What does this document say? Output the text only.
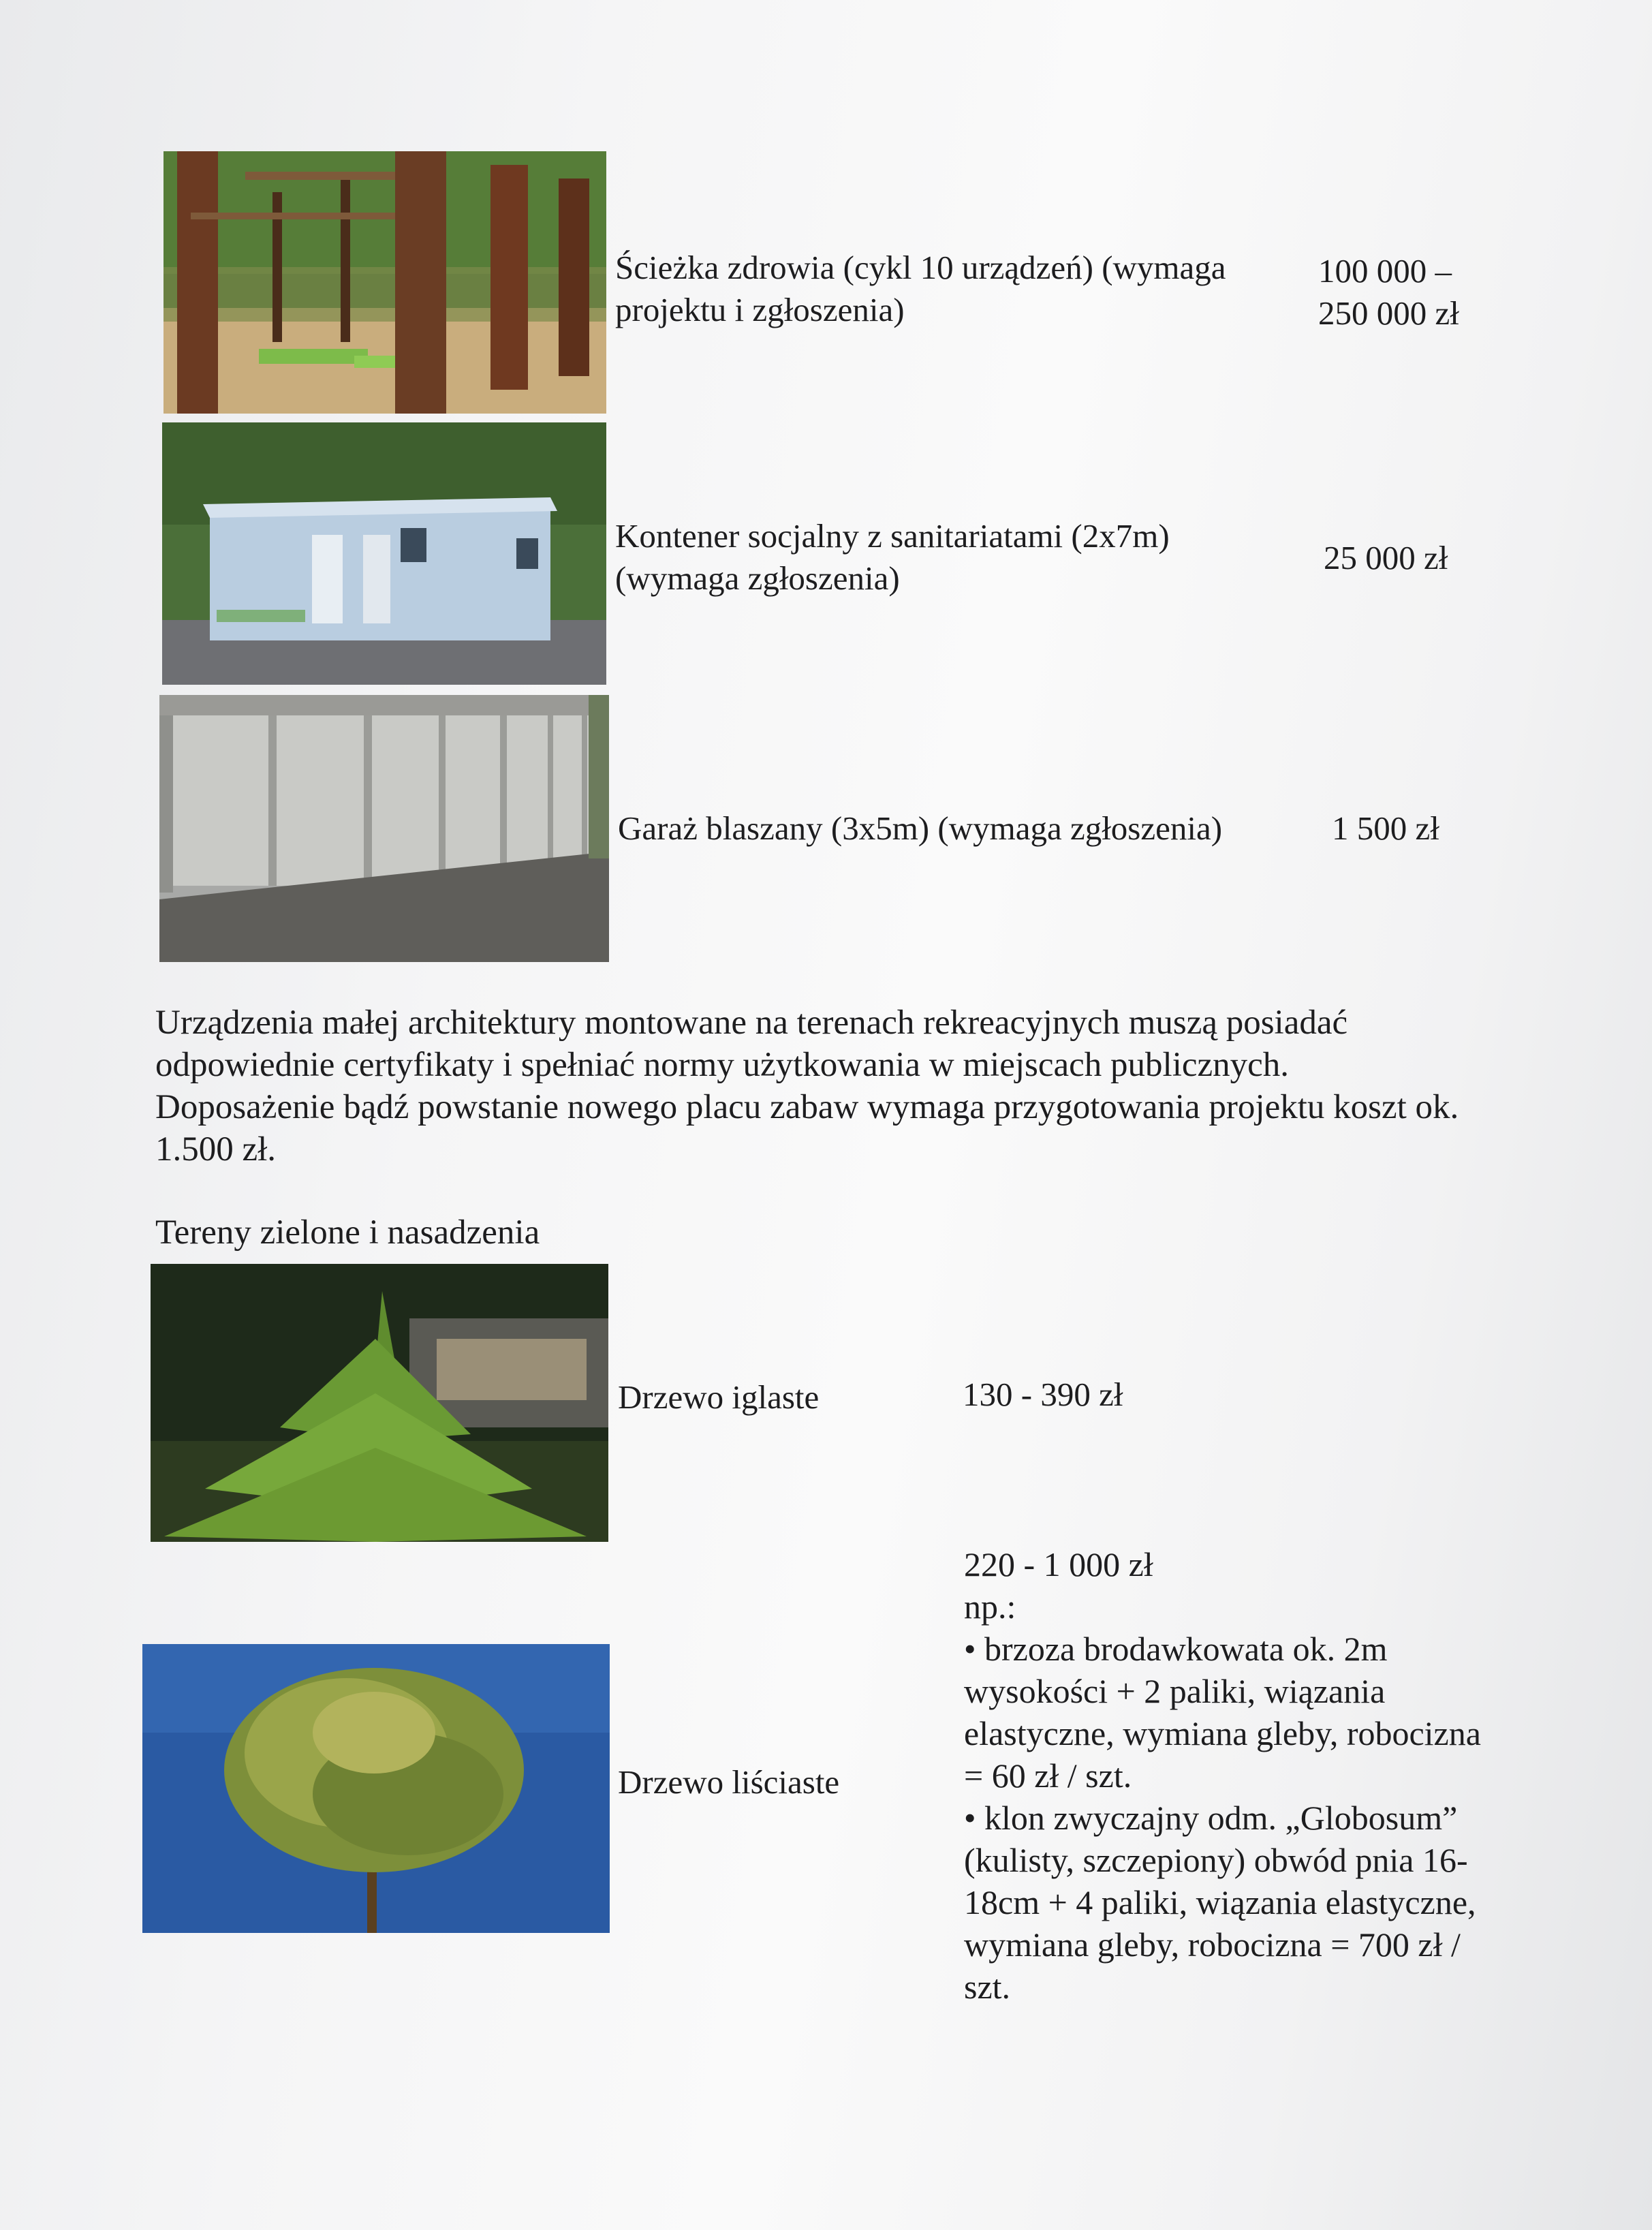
Ścieżka zdrowia (cykl 10 urządzeń) (wymaga
projektu i zgłoszenia)
100 000 –
250 000 zł
Kontener socjalny z sanitariatami (2x7m)
(wymaga zgłoszenia)
25 000 zł
Garaż blaszany (3x5m) (wymaga zgłoszenia)	1 500 zł
Urządzenia małej architektury montowane na terenach rekreacyjnych muszą posiadać
odpowiednie certyfikaty i spełniać normy użytkowania w miejscach publicznych.
Doposażenie bądź powstanie nowego placu zabaw wymaga przygotowania projektu koszt ok.
1.500 zł.
Tereny zielone i nasadzenia
Drzewo iglaste	130 - 390 zł
Drzewo liściaste
220 - 1 000 zł
np.:
• brzoza brodawkowata ok. 2m
wysokości + 2 paliki, wiązania
elastyczne, wymiana gleby, robocizna
= 60 zł / szt.
• klon zwyczajny odm. „Globosum”
(kulisty, szczepiony) obwód pnia 16-
18cm + 4 paliki, wiązania elastyczne,
wymiana gleby, robocizna = 700 zł /
szt.
